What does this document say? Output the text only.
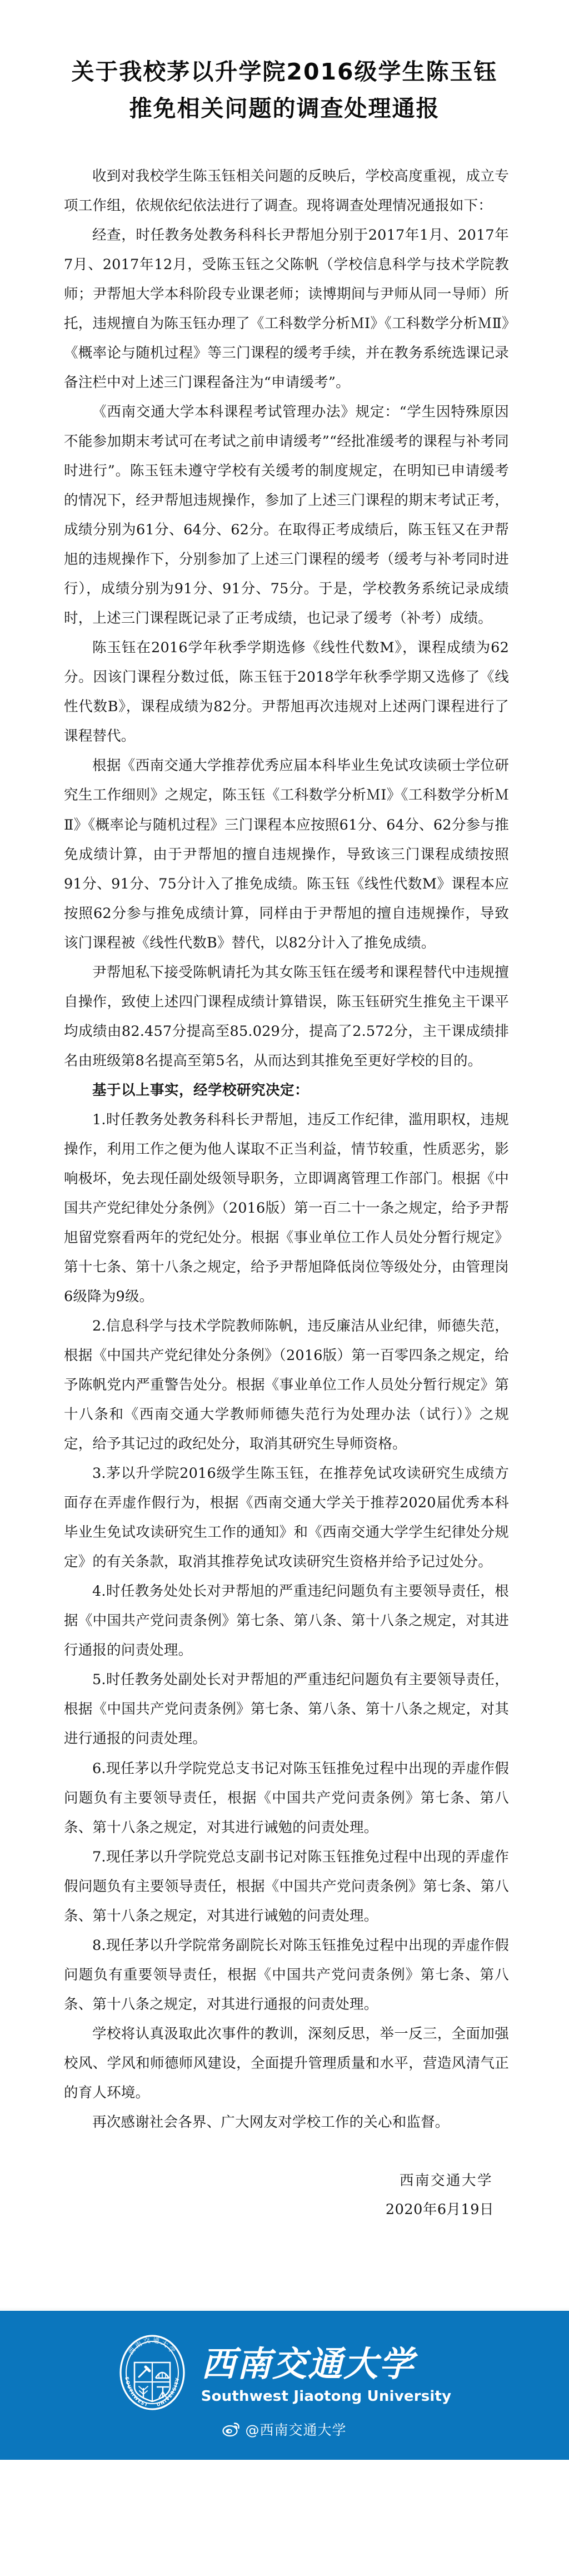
关于我校茅以升学院2016级学生陈玉钰
推免相关问题的调查处理通报

收到对我校学生陈玉钰相关问题的反映后，学校高度重视，成立专项工作组，依规依纪依法进行了调查。现将调查处理情况通报如下：

经查，时任教务处教务科科长尹帮旭分别于2017年1月、2017年7月、2017年12月，受陈玉钰之父陈帆（学校信息科学与技术学院教师；尹帮旭大学本科阶段专业课老师；读博期间与尹师从同一导师）所托，违规擅自为陈玉钰办理了《工科数学分析ＭⅠ》《工科数学分析ＭⅡ》《概率论与随机过程》等三门课程的缓考手续，并在教务系统选课记录备注栏中对上述三门课程备注为“申请缓考”。

《西南交通大学本科课程考试管理办法》规定：“学生因特殊原因不能参加期末考试可在考试之前申请缓考”“经批准缓考的课程与补考同时进行”。陈玉钰未遵守学校有关缓考的制度规定，在明知已申请缓考的情况下，经尹帮旭违规操作，参加了上述三门课程的期末考试正考，成绩分别为61分、64分、62分。在取得正考成绩后，陈玉钰又在尹帮旭的违规操作下，分别参加了上述三门课程的缓考（缓考与补考同时进行），成绩分别为91分、91分、75分。于是，学校教务系统记录成绩时，上述三门课程既记录了正考成绩，也记录了缓考（补考）成绩。

陈玉钰在2016学年秋季学期选修《线性代数M》，课程成绩为62分。因该门课程分数过低，陈玉钰于2018学年秋季学期又选修了《线性代数B》，课程成绩为82分。尹帮旭再次违规对上述两门课程进行了课程替代。

根据《西南交通大学推荐优秀应届本科毕业生免试攻读硕士学位研究生工作细则》之规定，陈玉钰《工科数学分析ＭⅠ》《工科数学分析ＭⅡ》《概率论与随机过程》三门课程本应按照61分、64分、62分参与推免成绩计算，由于尹帮旭的擅自违规操作，导致该三门课程成绩按照91分、91分、75分计入了推免成绩。陈玉钰《线性代数M》课程本应按照62分参与推免成绩计算，同样由于尹帮旭的擅自违规操作，导致该门课程被《线性代数B》替代，以82分计入了推免成绩。

尹帮旭私下接受陈帆请托为其女陈玉钰在缓考和课程替代中违规擅自操作，致使上述四门课程成绩计算错误，陈玉钰研究生推免主干课平均成绩由82.457分提高至85.029分，提高了2.572分，主干课成绩排名由班级第8名提高至第5名，从而达到其推免至更好学校的目的。

基于以上事实，经学校研究决定：

1.时任教务处教务科科长尹帮旭，违反工作纪律，滥用职权，违规操作，利用工作之便为他人谋取不正当利益，情节较重，性质恶劣，影响极坏，免去现任副处级领导职务，立即调离管理工作部门。根据《中国共产党纪律处分条例》（2016版）第一百二十一条之规定，给予尹帮旭留党察看两年的党纪处分。根据《事业单位工作人员处分暂行规定》第十七条、第十八条之规定，给予尹帮旭降低岗位等级处分，由管理岗6级降为9级。

2.信息科学与技术学院教师陈帆，违反廉洁从业纪律，师德失范，根据《中国共产党纪律处分条例》（2016版）第一百零四条之规定，给予陈帆党内严重警告处分。根据《事业单位工作人员处分暂行规定》第十八条和《西南交通大学教师师德失范行为处理办法（试行）》之规定，给予其记过的政纪处分，取消其研究生导师资格。

3.茅以升学院2016级学生陈玉钰，在推荐免试攻读研究生成绩方面存在弄虚作假行为，根据《西南交通大学关于推荐2020届优秀本科毕业生免试攻读研究生工作的通知》和《西南交通大学学生纪律处分规定》的有关条款，取消其推荐免试攻读研究生资格并给予记过处分。

4.时任教务处处长对尹帮旭的严重违纪问题负有主要领导责任，根据《中国共产党问责条例》第七条、第八条、第十八条之规定，对其进行通报的问责处理。

5.时任教务处副处长对尹帮旭的严重违纪问题负有主要领导责任，根据《中国共产党问责条例》第七条、第八条、第十八条之规定，对其进行通报的问责处理。

6.现任茅以升学院党总支书记对陈玉钰推免过程中出现的弄虚作假问题负有主要领导责任，根据《中国共产党问责条例》第七条、第八条、第十八条之规定，对其进行诫勉的问责处理。

7.现任茅以升学院党总支副书记对陈玉钰推免过程中出现的弄虚作假问题负有主要领导责任，根据《中国共产党问责条例》第七条、第八条、第十八条之规定，对其进行诫勉的问责处理。

8.现任茅以升学院常务副院长对陈玉钰推免过程中出现的弄虚作假问题负有重要领导责任，根据《中国共产党问责条例》第七条、第八条、第十八条之规定，对其进行通报的问责处理。

学校将认真汲取此次事件的教训，深刻反思，举一反三，全面加强校风、学风和师德师风建设，全面提升管理质量和水平，营造风清气正的育人环境。

再次感谢社会各界、广大网友对学校工作的关心和监督。

西南交通大学
2020年6月19日
西南交通大学
SOUTHWEST UNIVERSITY 西南交通大学
Southwest Jiaotong University
@西南交通大学
